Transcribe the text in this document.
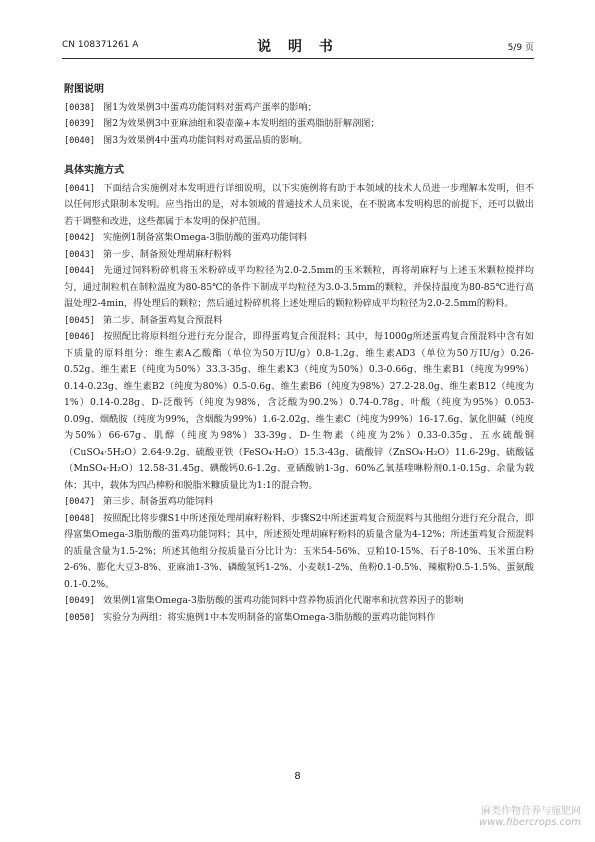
CN 108371261 A	说 明 书	5/9 页
附图说明

[0038] 图1为效果例3中蛋鸡功能饲料对蛋鸡产蛋率的影响；

[0039] 图2为效果例3中亚麻油组和裂壶藻+本发明组的蛋鸡脂肪肝解剖图；

[0040] 图3为效果例4中蛋鸡功能饲料对鸡蛋品质的影响。

具体实施方式

[0041] 下面结合实施例对本发明进行详细说明，以下实施例将有助于本领域的技术人员进一步理解本发明，但不以任何形式限制本发明。应当指出的是，对本领域的普通技术人员来说，在不脱离本发明构思的前提下，还可以做出若干调整和改进，这些都属于本发明的保护范围。

[0042] 实施例1制备富集Omega-3脂肪酸的蛋鸡功能饲料

[0043] 第一步、制备预处理胡麻籽粉料

[0044] 先通过饲料粉碎机将玉米粉碎成平均粒径为2.0-2.5mm的玉米颗粒，再将胡麻籽与上述玉米颗粒搅拌均匀，通过制粒机在制粒温度为80-85℃的条件下制成平均粒径为3.0-3.5mm的颗粒，并保持温度为80-85℃进行高温处理2-4min，得处理后的颗粒；然后通过粉碎机将上述处理后的颗粒粉碎成平均粒径为2.0-2.5mm的粉料。

[0045] 第二步、制备蛋鸡复合预混料

[0046] 按照配比将原料组分进行充分混合，即得蛋鸡复合预混料；其中，每1000g所述蛋鸡复合预混料中含有如下质量的原料组分：维生素A乙酸酯（单位为50万IU/g）0.8-1.2g、维生素AD3（单位为50万IU/g）0.26-0.52g、维生素E（纯度为50%）33.3-35g、维生素K3（纯度为50%）0.3-0.66g、维生素B1（纯度为99%）0.14-0.23g、维生素B2（纯度为80%）0.5-0.6g、维生素B6（纯度为98%）27.2-28.0g、维生素B12（纯度为1%）0.14-0.28g、D-泛酸钙（纯度为98%，含泛酸为90.2%）0.74-0.78g、叶酸（纯度为95%）0.053-0.09g、烟酰胺（纯度为99%，含烟酸为99%）1.6-2.02g、维生素C（纯度为99%）16-17.6g、氯化胆碱（纯度为50%）66-67g、肌醇（纯度为98%）33-39g、D-生物素（纯度为2%）0.33-0.35g、五水硫酸铜（CuSO₄·5H₂O）2.64-9.2g、硫酸亚铁（FeSO₄·H₂O）15.3-43g、硫酸锌（ZnSO₄·H₂O）11.6-29g、硫酸锰（MnSO₄·H₂O）12.58-31.45g、碘酸钙0.6-1.2g、亚硒酸钠1-3g、60%乙氧基喹啉粉剂0.1-0.15g、余量为载体；其中，载体为四凸棒粉和脱脂米糠质量比为1:1的混合物。

[0047] 第三步、制备蛋鸡功能饲料

[0048] 按照配比将步骤S1中所述预处理胡麻籽粉料、步骤S2中所述蛋鸡复合预混料与其他组分进行充分混合，即得富集Omega-3脂肪酸的蛋鸡功能饲料；其中，所述预处理胡麻籽粉料的质量含量为4-12%；所述蛋鸡复合预混料的质量含量为1.5-2%；所述其他组分按质量百分比计为：玉米54-56%、豆粕10-15%、石子8-10%、玉米蛋白粉2-6%、膨化大豆3-8%、亚麻油1-3%、磷酸氢钙1-2%、小麦麸1-2%、鱼粉0.1-0.5%、辣椒粉0.5-1.5%、蛋氨酸0.1-0.2%。

[0049] 效果例1富集Omega-3脂肪酸的蛋鸡功能饲料中营养物质消化代谢率和抗营养因子的影响

[0050] 实验分为两组：将实施例1中本发明制备的富集Omega-3脂肪酸的蛋鸡功能饲料作

8
麻类作物营养与施肥网
www.fibercrops.com
